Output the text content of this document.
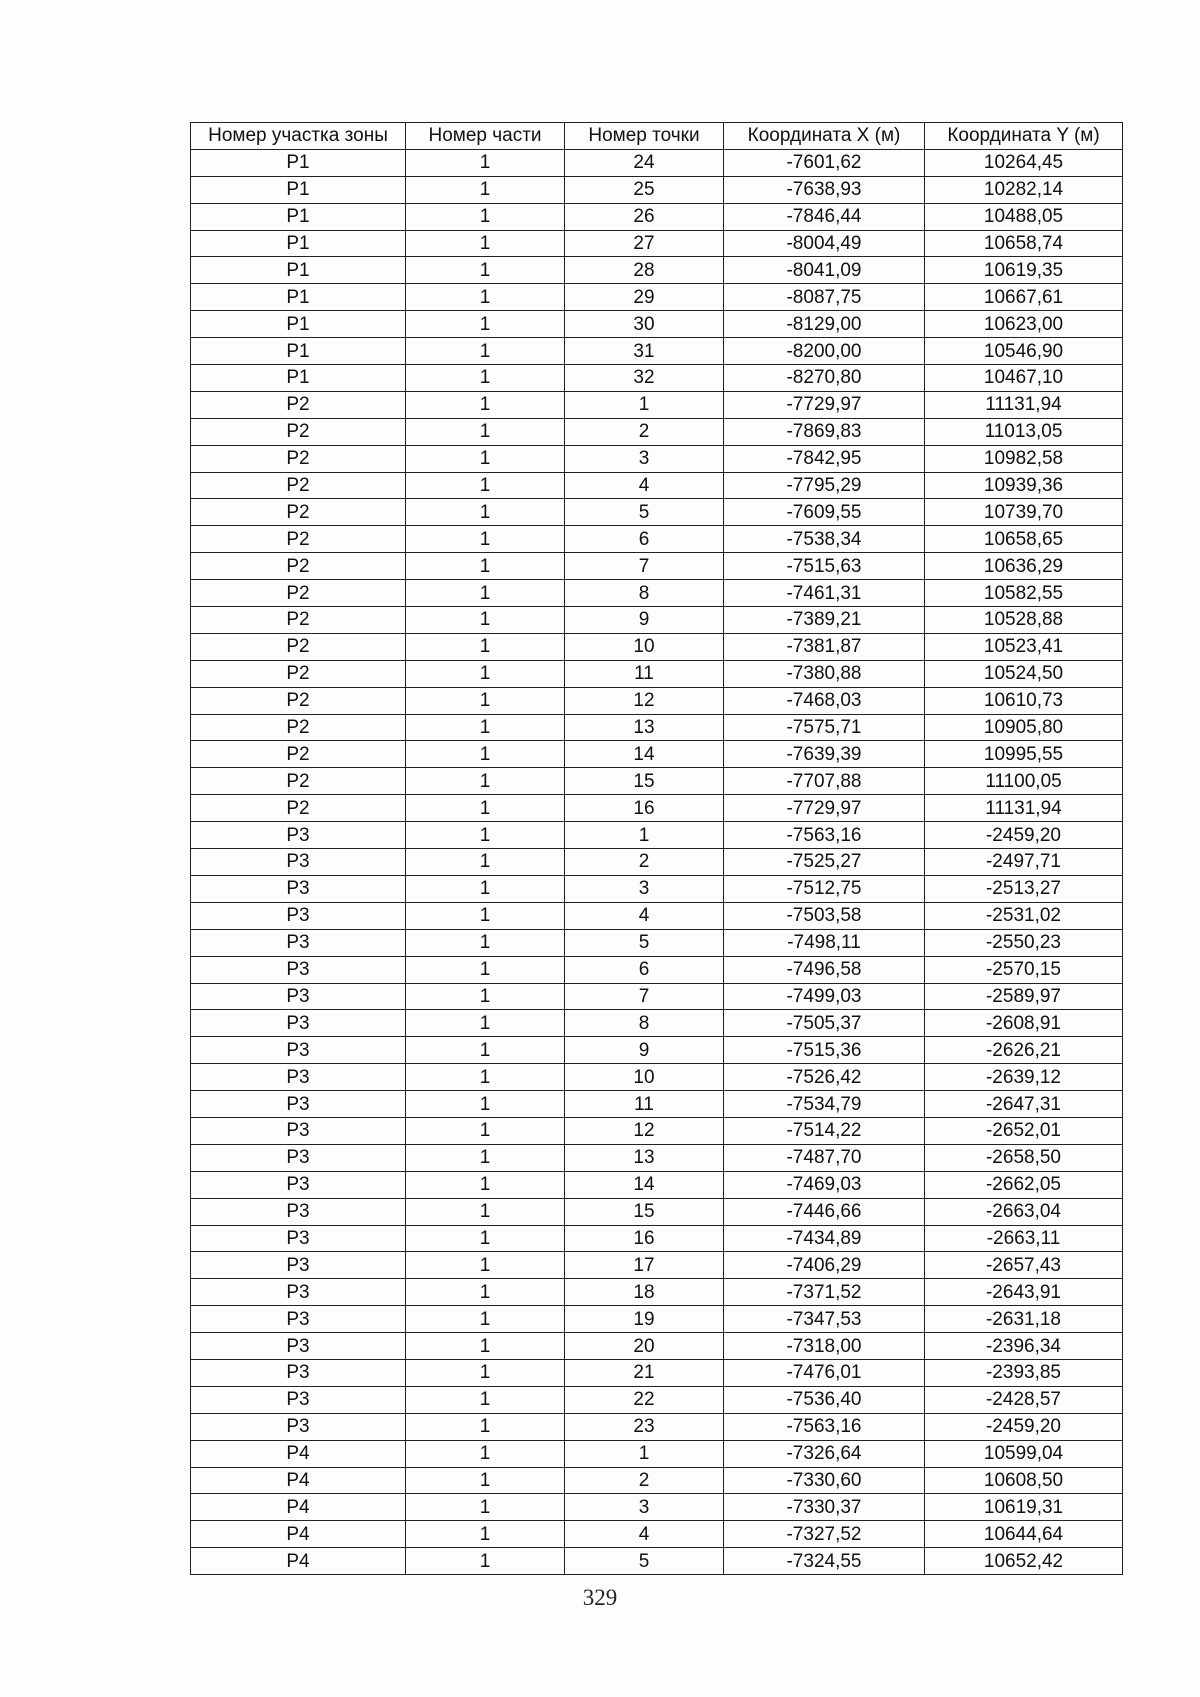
Номер участка зоны	Номер части	Номер точки	Координата X (м)	Координата Y (м)
P1	1	24	-7601,62	10264,45
P1	1	25	-7638,93	10282,14
P1	1	26	-7846,44	10488,05
P1	1	27	-8004,49	10658,74
P1	1	28	-8041,09	10619,35
P1	1	29	-8087,75	10667,61
P1	1	30	-8129,00	10623,00
P1	1	31	-8200,00	10546,90
P1	1	32	-8270,80	10467,10
P2	1	1	-7729,97	11131,94
P2	1	2	-7869,83	11013,05
P2	1	3	-7842,95	10982,58
P2	1	4	-7795,29	10939,36
P2	1	5	-7609,55	10739,70
P2	1	6	-7538,34	10658,65
P2	1	7	-7515,63	10636,29
P2	1	8	-7461,31	10582,55
P2	1	9	-7389,21	10528,88
P2	1	10	-7381,87	10523,41
P2	1	11	-7380,88	10524,50
P2	1	12	-7468,03	10610,73
P2	1	13	-7575,71	10905,80
P2	1	14	-7639,39	10995,55
P2	1	15	-7707,88	11100,05
P2	1	16	-7729,97	11131,94
P3	1	1	-7563,16	-2459,20
P3	1	2	-7525,27	-2497,71
P3	1	3	-7512,75	-2513,27
P3	1	4	-7503,58	-2531,02
P3	1	5	-7498,11	-2550,23
P3	1	6	-7496,58	-2570,15
P3	1	7	-7499,03	-2589,97
P3	1	8	-7505,37	-2608,91
P3	1	9	-7515,36	-2626,21
P3	1	10	-7526,42	-2639,12
P3	1	11	-7534,79	-2647,31
P3	1	12	-7514,22	-2652,01
P3	1	13	-7487,70	-2658,50
P3	1	14	-7469,03	-2662,05
P3	1	15	-7446,66	-2663,04
P3	1	16	-7434,89	-2663,11
P3	1	17	-7406,29	-2657,43
P3	1	18	-7371,52	-2643,91
P3	1	19	-7347,53	-2631,18
P3	1	20	-7318,00	-2396,34
P3	1	21	-7476,01	-2393,85
P3	1	22	-7536,40	-2428,57
P3	1	23	-7563,16	-2459,20
P4	1	1	-7326,64	10599,04
P4	1	2	-7330,60	10608,50
P4	1	3	-7330,37	10619,31
P4	1	4	-7327,52	10644,64
P4	1	5	-7324,55	10652,42
329
